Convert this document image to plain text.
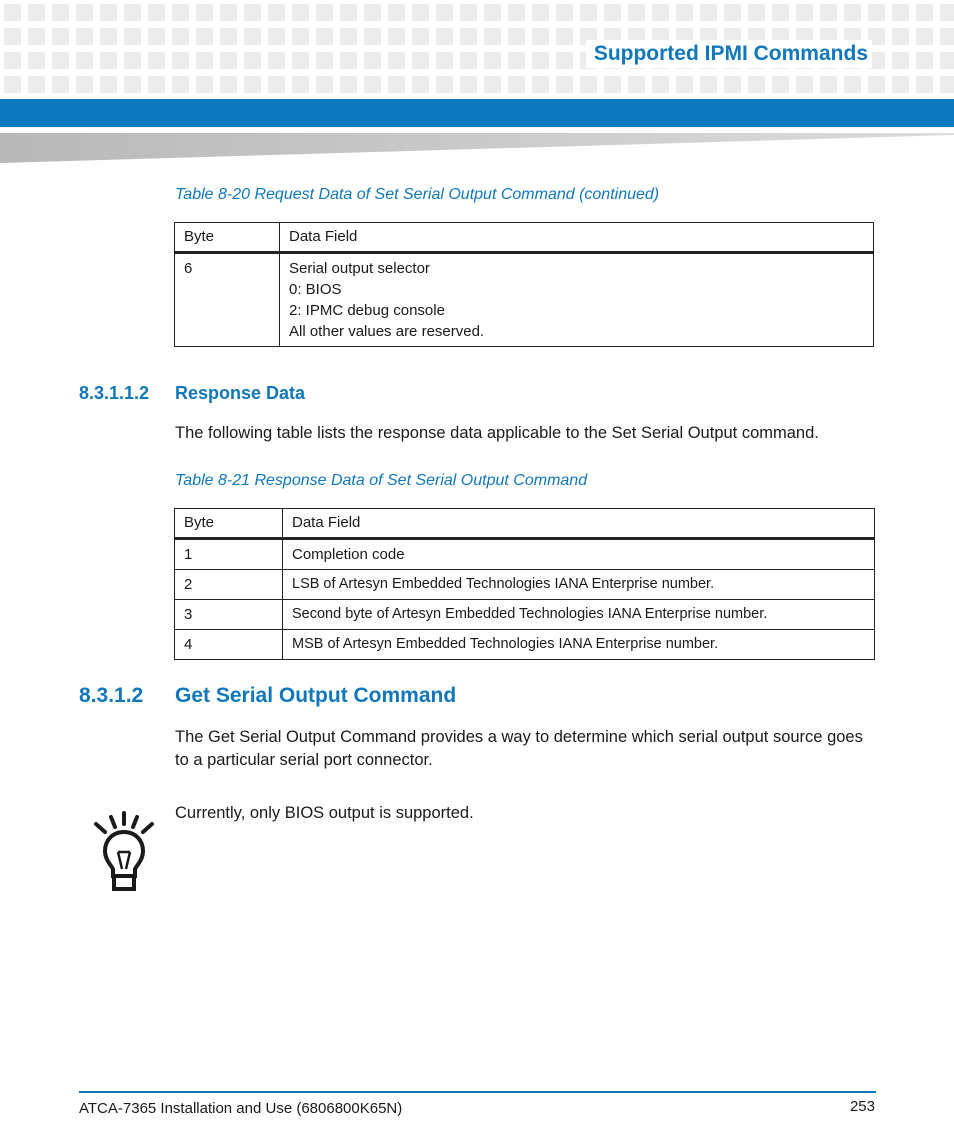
Supported IPMI Commands
Table 8-20 Request Data of Set Serial Output Command (continued)
Byte	Data Field
6	Serial output selector
0: BIOS
2: IPMC debug console
All other values are reserved.
8.3.1.1.2 Response Data
The following table lists the response data applicable to the Set Serial Output command.
Table 8-21 Response Data of Set Serial Output Command
Byte	Data Field
1	Completion code
2	LSB of Artesyn Embedded Technologies IANA Enterprise number.
3	Second byte of Artesyn Embedded Technologies IANA Enterprise number.
4	MSB of Artesyn Embedded Technologies IANA Enterprise number.
8.3.1.2 Get Serial Output Command
The Get Serial Output Command provides a way to determine which serial output source goes to a particular serial port connector.
Currently, only BIOS output is supported.
ATCA-7365 Installation and Use (6806800K65N)	253
